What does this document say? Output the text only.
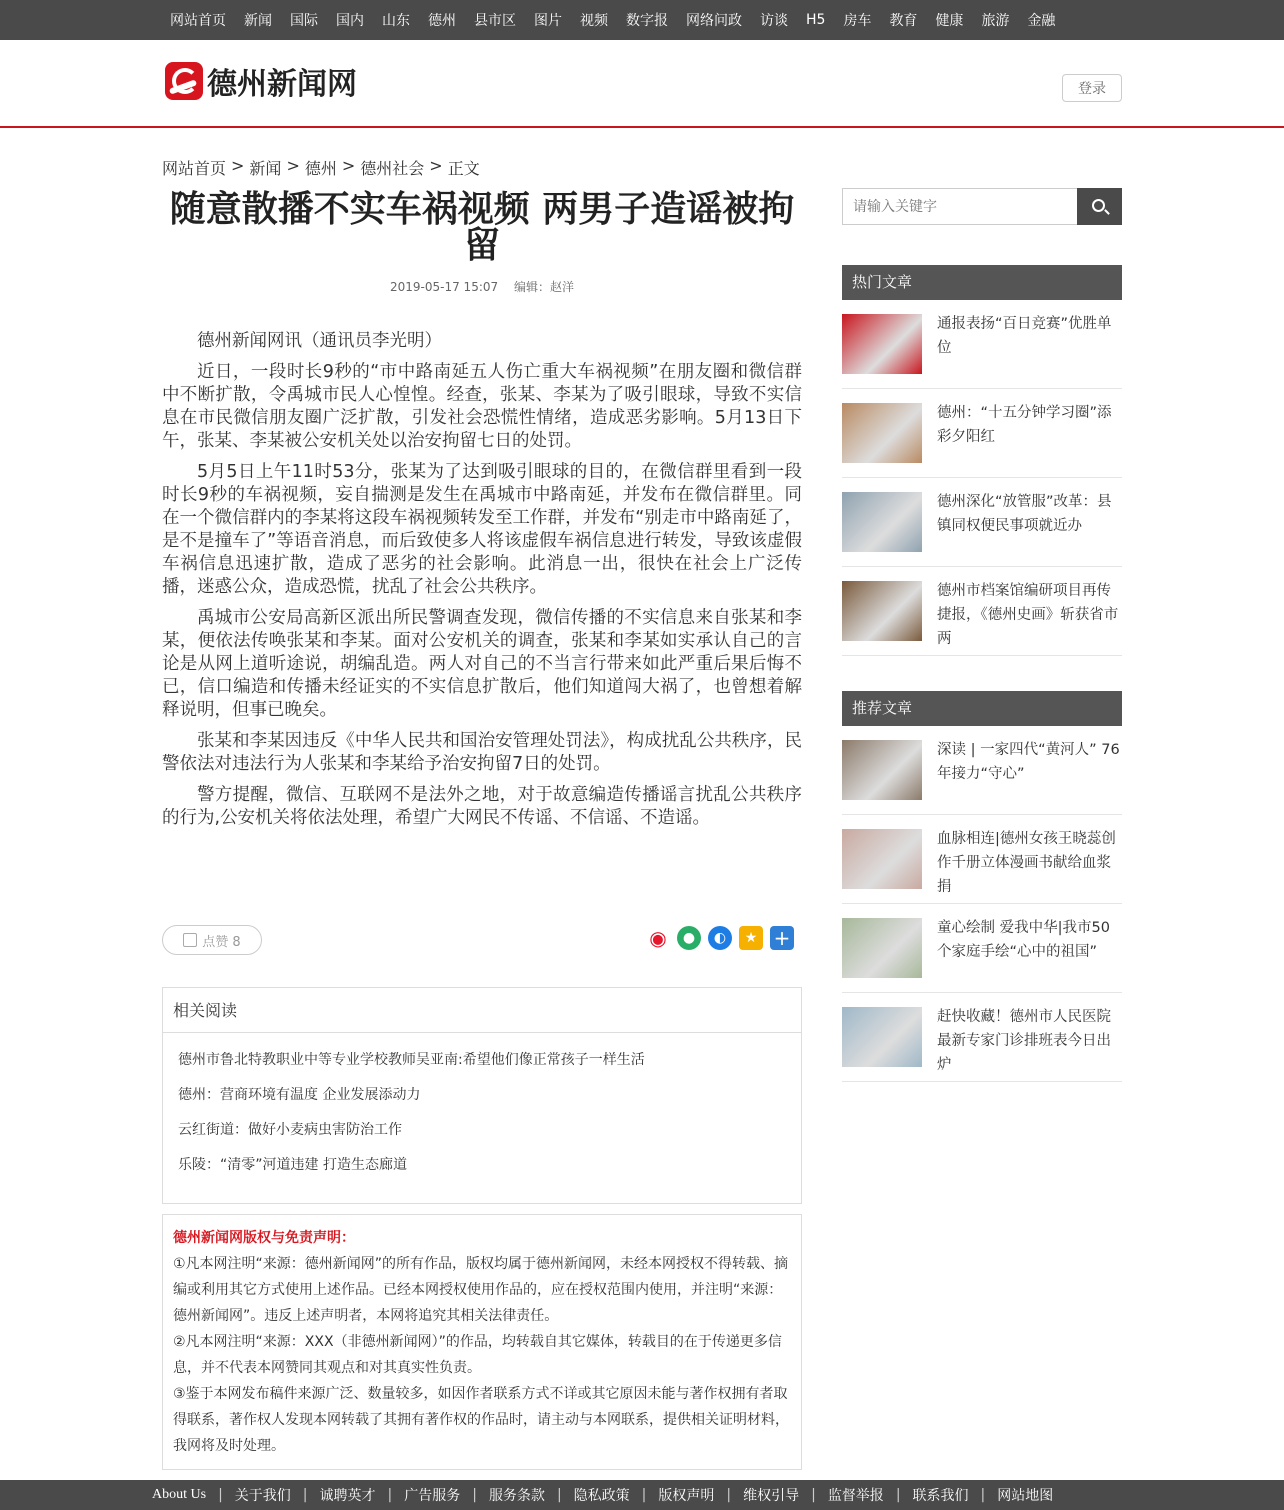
网站首页 新闻 国际 国内 山东 德州 县市区 图片 视频 数字报 网络问政 访谈 H5 房车 教育 健康 旅游 金融
德州新闻网	登录
网站首页 > 新闻 > 德州 > 德州社会 > 正文
随意散播不实车祸视频 两男子造谣被拘留
2019-05-17 15:07 编辑：赵洋

德州新闻网讯（通讯员李光明）

近日，一段时长9秒的“市中路南延五人伤亡重大车祸视频”在朋友圈和微信群中不断扩散，令禹城市民人心惶惶。经查，张某、李某为了吸引眼球，导致不实信息在市民微信朋友圈广泛扩散，引发社会恐慌性情绪，造成恶劣影响。5月13日下午，张某、李某被公安机关处以治安拘留七日的处罚。

5月5日上午11时53分，张某为了达到吸引眼球的目的，在微信群里看到一段时长9秒的车祸视频，妄自揣测是发生在禹城市中路南延，并发布在微信群里。同在一个微信群内的李某将这段车祸视频转发至工作群，并发布“别走市中路南延了，是不是撞车了”等语音消息，而后致使多人将该虚假车祸信息进行转发，导致该虚假车祸信息迅速扩散，造成了恶劣的社会影响。此消息一出，很快在社会上广泛传播，迷惑公众，造成恐慌，扰乱了社会公共秩序。

禹城市公安局高新区派出所民警调查发现，微信传播的不实信息来自张某和李某，便依法传唤张某和李某。面对公安机关的调查，张某和李某如实承认自己的言论是从网上道听途说，胡编乱造。两人对自己的不当言行带来如此严重后果后悔不已，信口编造和传播未经证实的不实信息扩散后，他们知道闯大祸了，也曾想着解释说明，但事已晚矣。

张某和李某因违反《中华人民共和国治安管理处罚法》，构成扰乱公共秩序，民警依法对违法行为人张某和李某给予治安拘留7日的处罚。

警方提醒，微信、互联网不是法外之地，对于故意编造传播谣言扰乱公共秩序的行为,公安机关将依法处理，希望广大网民不传谣、不信谣、不造谣。

点赞 8	◉	●	◐	★ +
相关阅读
德州市鲁北特教职业中等专业学校教师吴亚南:希望他们像正常孩子一样生活
德州：营商环境有温度 企业发展添动力
云红街道：做好小麦病虫害防治工作
乐陵：“清零”河道违建 打造生态廊道
德州新闻网版权与免责声明：
①凡本网注明“来源：德州新闻网”的所有作品，版权均属于德州新闻网，未经本网授权不得转载、摘编或利用其它方式使用上述作品。已经本网授权使用作品的，应在授权范围内使用，并注明“来源：德州新闻网”。违反上述声明者，本网将追究其相关法律责任。
②凡本网注明“来源：XXX（非德州新闻网）”的作品，均转载自其它媒体，转载目的在于传递更多信息，并不代表本网赞同其观点和对其真实性负责。
③鉴于本网发布稿件来源广泛、数量较多，如因作者联系方式不详或其它原因未能与著作权拥有者取得联系，著作权人发现本网转载了其拥有著作权的作品时，请主动与本网联系，提供相关证明材料，我网将及时处理。
请输入关键字
热门文章
通报表扬“百日竞赛”优胜单位
德州：“十五分钟学习圈”添彩夕阳红
德州深化“放管服”改革：县镇同权便民事项就近办
德州市档案馆编研项目再传捷报，《德州史画》斩获省市两
推荐文章
深读 | 一家四代“黄河人” 76年接力“守心”
血脉相连|德州女孩王晓蕊创作千册立体漫画书献给血浆捐
童心绘制 爱我中华|我市50个家庭手绘“心中的祖国”
赶快收藏！德州市人民医院最新专家门诊排班表今日出炉
About Us | 关于我们 | 诚聘英才 | 广告服务 | 服务条款 | 隐私政策 | 版权声明 | 维权引导 | 监督举报 | 联系我们 | 网站地图
